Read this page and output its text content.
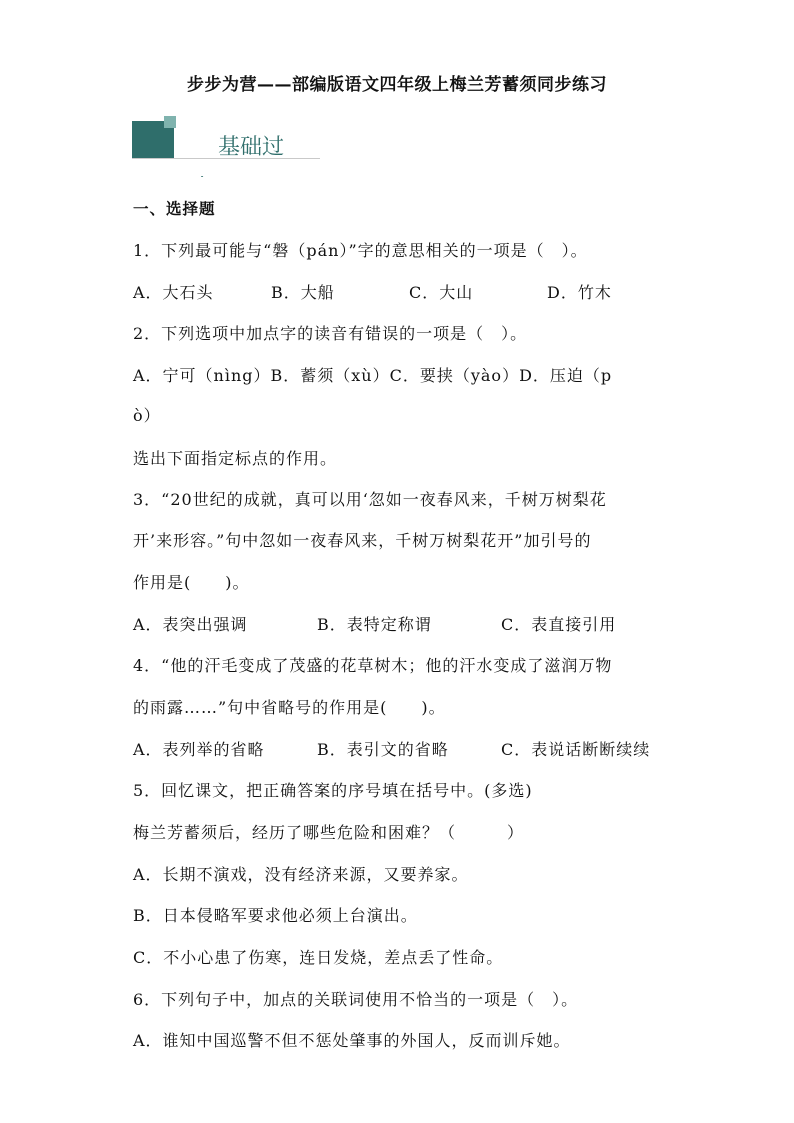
步步为营——部编版语文四年级上梅兰芳蓄须同步练习
基础过
一、选择题
1．下列最可能与“磐（pán）”字的意思相关的一项是（　）。
A．大石头	B．大船	C．大山	D．竹木
2．下列选项中加点字的读音有错误的一项是（　）。
A．宁可（nìng）B．蓄须（xù）C．要挟（yào）D．压迫（p
ò）
选出下面指定标点的作用。
3．“20世纪的成就，真可以用‘忽如一夜春风来，千树万树梨花
开’来形容。”句中忽如一夜春风来，千树万树梨花开”加引号的
作用是(　　)。
A．表突出强调	B．表特定称谓	C．表直接引用
4．“他的汗毛变成了茂盛的花草树木；他的汗水变成了滋润万物
的雨露……”句中省略号的作用是(　　)。
A．表列举的省略	B．表引文的省略	C．表说话断断续续
5．回忆课文，把正确答案的序号填在括号中。(多选)
梅兰芳蓄须后，经历了哪些危险和困难？（　　　）
A．长期不演戏，没有经济来源，又要养家。
B．日本侵略军要求他必须上台演出。
C．不小心患了伤寒，连日发烧，差点丢了性命。
6．下列句子中，加点的关联词使用不恰当的一项是（　）。
A．谁知中国巡警不但不惩处肇事的外国人，反而训斥她。
